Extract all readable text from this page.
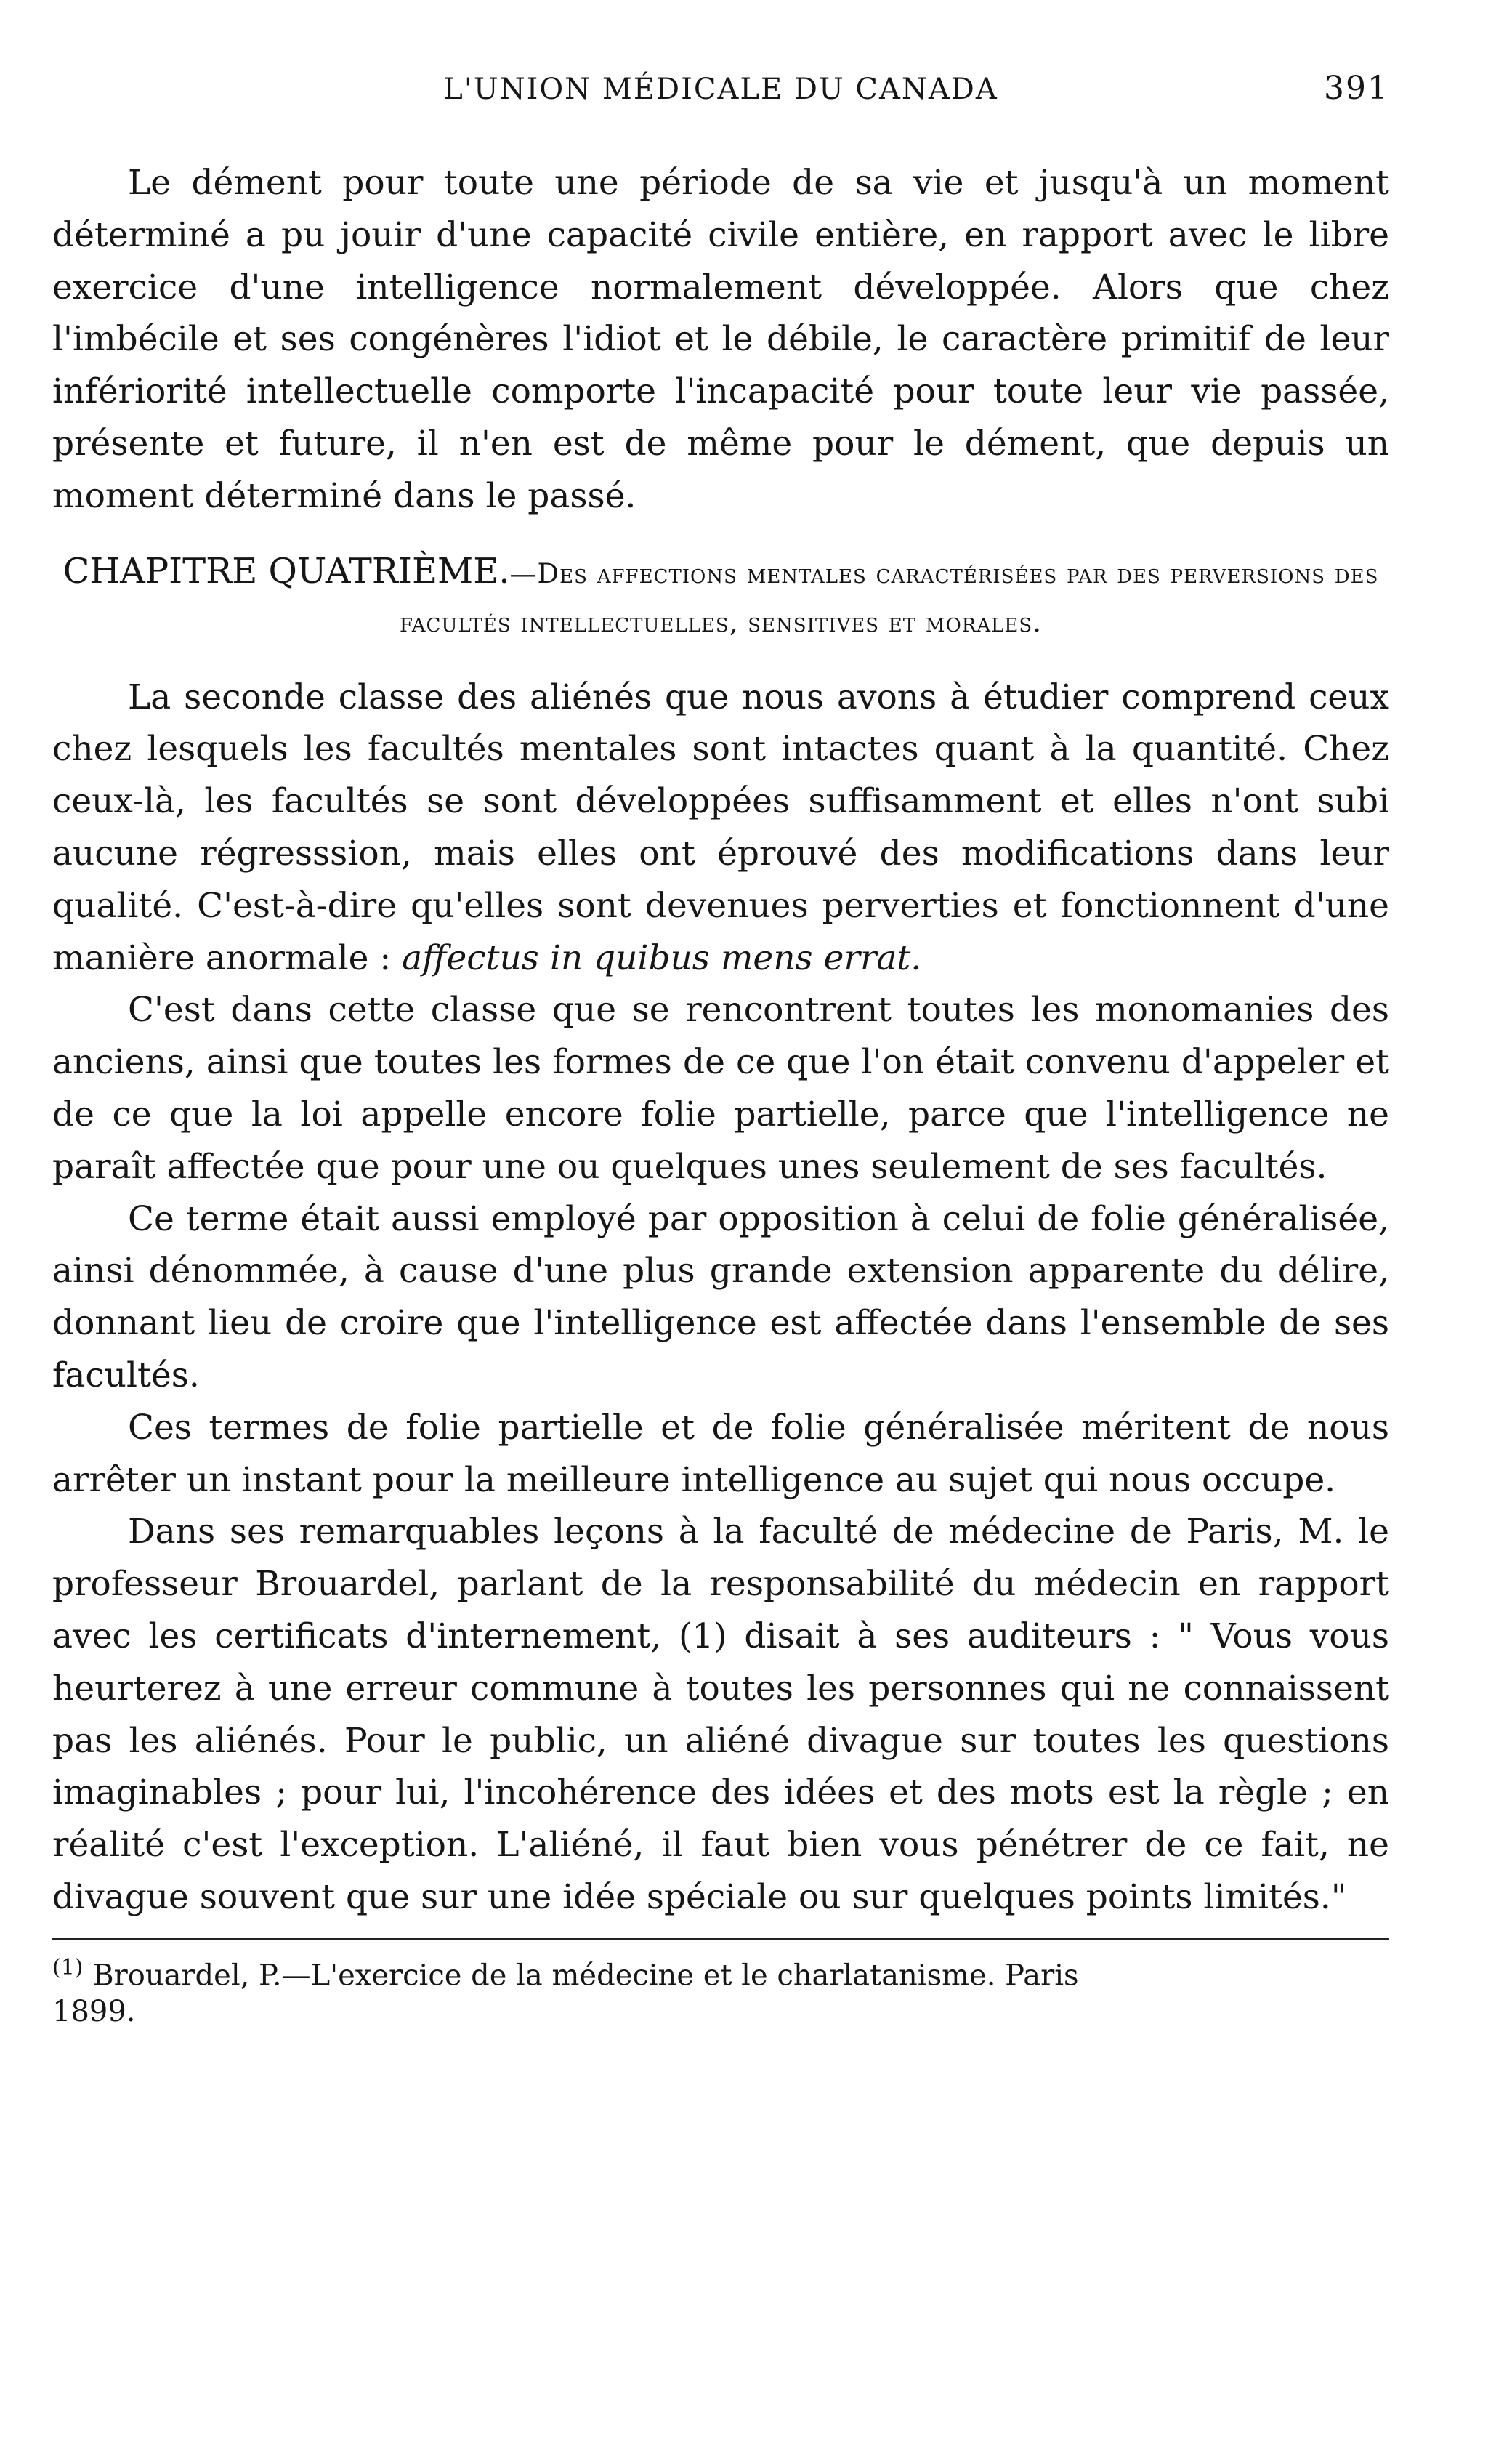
L'UNION MÉDICALE DU CANADA	391

Le dément pour toute une période de sa vie et jusqu'à un moment déterminé a pu jouir d'une capacité civile entière, en rapport avec le libre exercice d'une intelligence normalement développée. Alors que chez l'imbécile et ses congénères l'idiot et le débile, le caractère primitif de leur infériorité intellectuelle comporte l'incapacité pour toute leur vie passée, présente et future, il n'en est de même pour le dément, que depuis un moment déterminé dans le passé.

CHAPITRE QUATRIÈME.—Des affections mentales caractérisées par des perversions des facultés intellectuelles, sensitives et morales.

La seconde classe des aliénés que nous avons à étudier comprend ceux chez lesquels les facultés mentales sont intactes quant à la quantité. Chez ceux-là, les facultés se sont développées suffisamment et elles n'ont subi aucune régresssion, mais elles ont éprouvé des modifications dans leur qualité. C'est-à-dire qu'elles sont devenues perverties et fonctionnent d'une manière anormale : affectus in quibus mens errat.

C'est dans cette classe que se rencontrent toutes les monomanies des anciens, ainsi que toutes les formes de ce que l'on était convenu d'appeler et de ce que la loi appelle encore folie partielle, parce que l'intelligence ne paraît affectée que pour une ou quelques unes seulement de ses facultés.

Ce terme était aussi employé par opposition à celui de folie généralisée, ainsi dénommée, à cause d'une plus grande extension apparente du délire, donnant lieu de croire que l'intelligence est affectée dans l'ensemble de ses facultés.

Ces termes de folie partielle et de folie généralisée méritent de nous arrêter un instant pour la meilleure intelligence au sujet qui nous occupe.

Dans ses remarquables leçons à la faculté de médecine de Paris, M. le professeur Brouardel, parlant de la responsabilité du médecin en rapport avec les certificats d'internement, (1) disait à ses auditeurs : " Vous vous heurterez à une erreur commune à toutes les personnes qui ne connaissent pas les aliénés. Pour le public, un aliéné divague sur toutes les questions imaginables ; pour lui, l'incohérence des idées et des mots est la règle ; en réalité c'est l'exception. L'aliéné, il faut bien vous pénétrer de ce fait, ne divague souvent que sur une idée spéciale ou sur quelques points limités."

$^{(1)}$ Brouardel, P.—L'exercice de la médecine et le charlatanisme. Paris
1899.
